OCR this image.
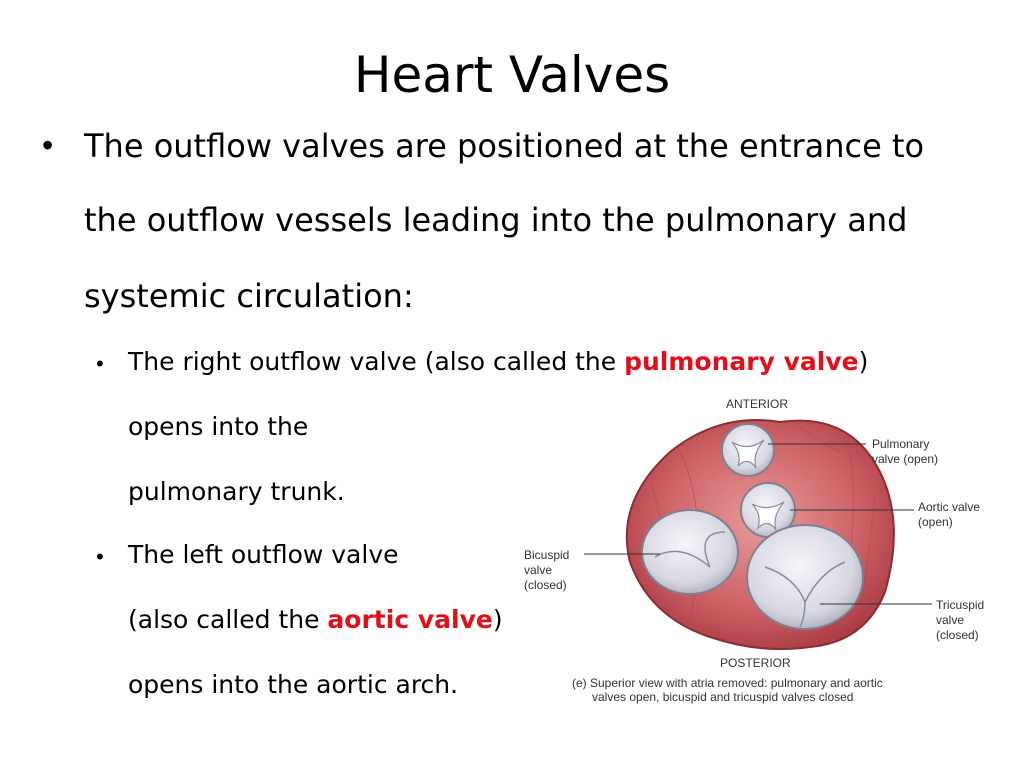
Heart Valves
• The outflow valves are positioned at the entrance to
the outflow vessels leading into the pulmonary and
systemic circulation:
• The right outflow valve (also called the pulmonary valve)
opens into the
pulmonary trunk.
• The left outflow valve
(also called the aortic valve)
opens into the aortic arch.
ANTERIOR
Pulmonary
valve (open)
Aortic valve
(open)
Bicuspid
valve
(closed)
Tricuspid
valve
(closed)
POSTERIOR
(e) Superior view with atria removed: pulmonary and aortic
valves open, bicuspid and tricuspid valves closed
